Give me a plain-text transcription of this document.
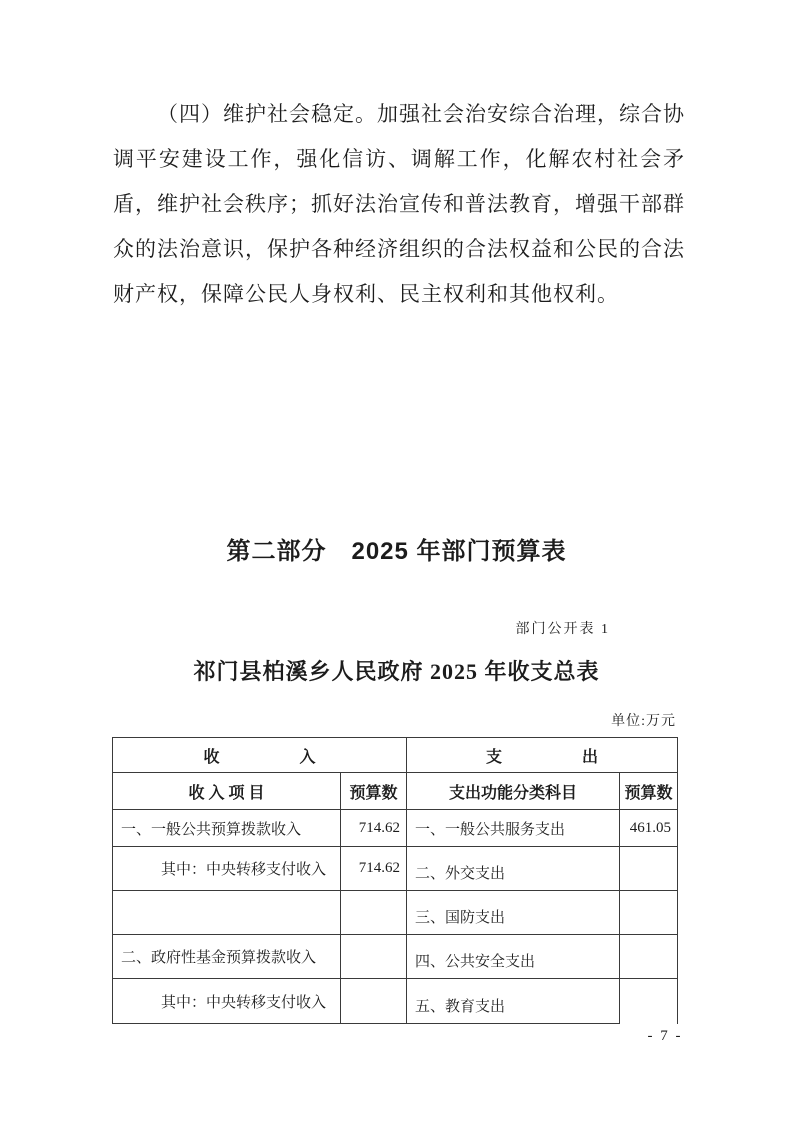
（四）维护社会稳定。加强社会治安综合治理，综合协调平安建设工作，强化信访、调解工作，化解农村社会矛盾，维护社会秩序；抓好法治宣传和普法教育，增强干部群众的法治意识，保护各种经济组织的合法权益和公民的合法财产权，保障公民人身权利、民主权利和其他权利。

第二部分　2025 年部门预算表
部门公开表 1
祁门县柏溪乡人民政府 2025 年收支总表
单位:万元
收　　　　　入		支　　　　　出	
收 入 项 目	预算数	支出功能分类科目	预算数
一、一般公共预算拨款收入	714.62	一、一般公共服务支出	461.05
其中：中央转移支付收入	714.62	二、外交支出	
		三、国防支出	
二、政府性基金预算拨款收入		四、公共安全支出	
其中：中央转移支付收入		五、教育支出	
- 7 -
